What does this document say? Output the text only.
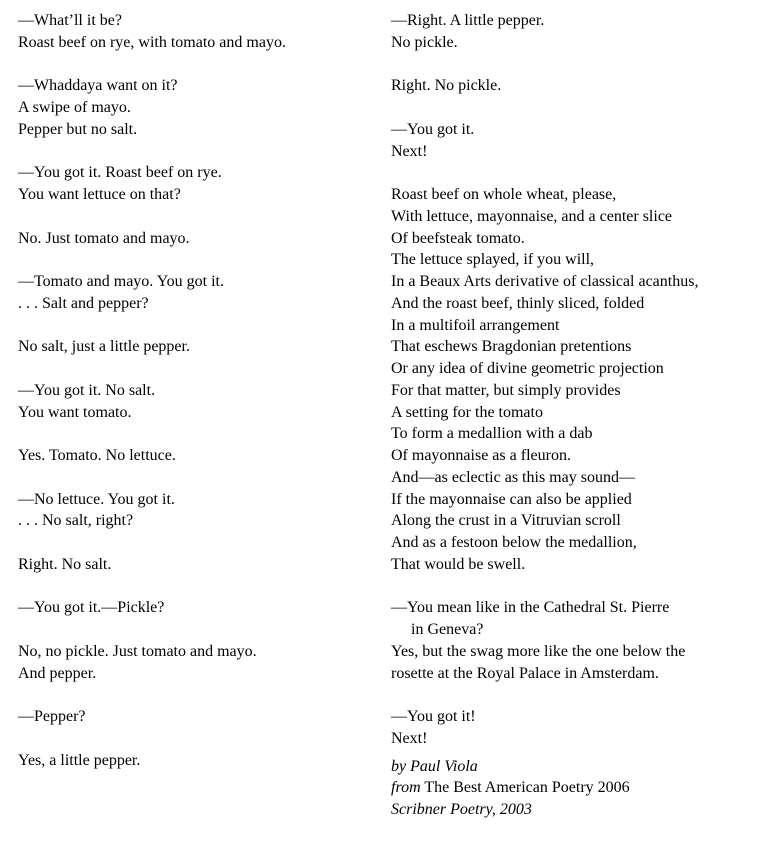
—What’ll it be?
Roast beef on rye, with tomato and mayo.
—Whaddaya want on it?
A swipe of mayo.
Pepper but no salt.
—You got it. Roast beef on rye.
You want lettuce on that?
No. Just tomato and mayo.
—Tomato and mayo. You got it.
. . . Salt and pepper?
No salt, just a little pepper.
—You got it. No salt.
You want tomato.
Yes. Tomato. No lettuce.
—No lettuce. You got it.
. . . No salt, right?
Right. No salt.
—You got it.—Pickle?
No, no pickle. Just tomato and mayo.
And pepper.
—Pepper?
Yes, a little pepper.
—Right. A little pepper.
No pickle.
Right. No pickle.
—You got it.
Next!
Roast beef on whole wheat, please,
With lettuce, mayonnaise, and a center slice
Of beefsteak tomato.
The lettuce splayed, if you will,
In a Beaux Arts derivative of classical acanthus,
And the roast beef, thinly sliced, folded
In a multifoil arrangement
That eschews Bragdonian pretentions
Or any idea of divine geometric projection
For that matter, but simply provides
A setting for the tomato
To form a medallion with a dab
Of mayonnaise as a fleuron.
And—as eclectic as this may sound—
If the mayonnaise can also be applied
Along the crust in a Vitruvian scroll
And as a festoon below the medallion,
That would be swell.
—You mean like in the Cathedral St. Pierre
in Geneva?
Yes, but the swag more like the one below the
rosette at the Royal Palace in Amsterdam.
—You got it!
Next!
by Paul Viola
from The Best American Poetry 2006
Scribner Poetry, 2003
